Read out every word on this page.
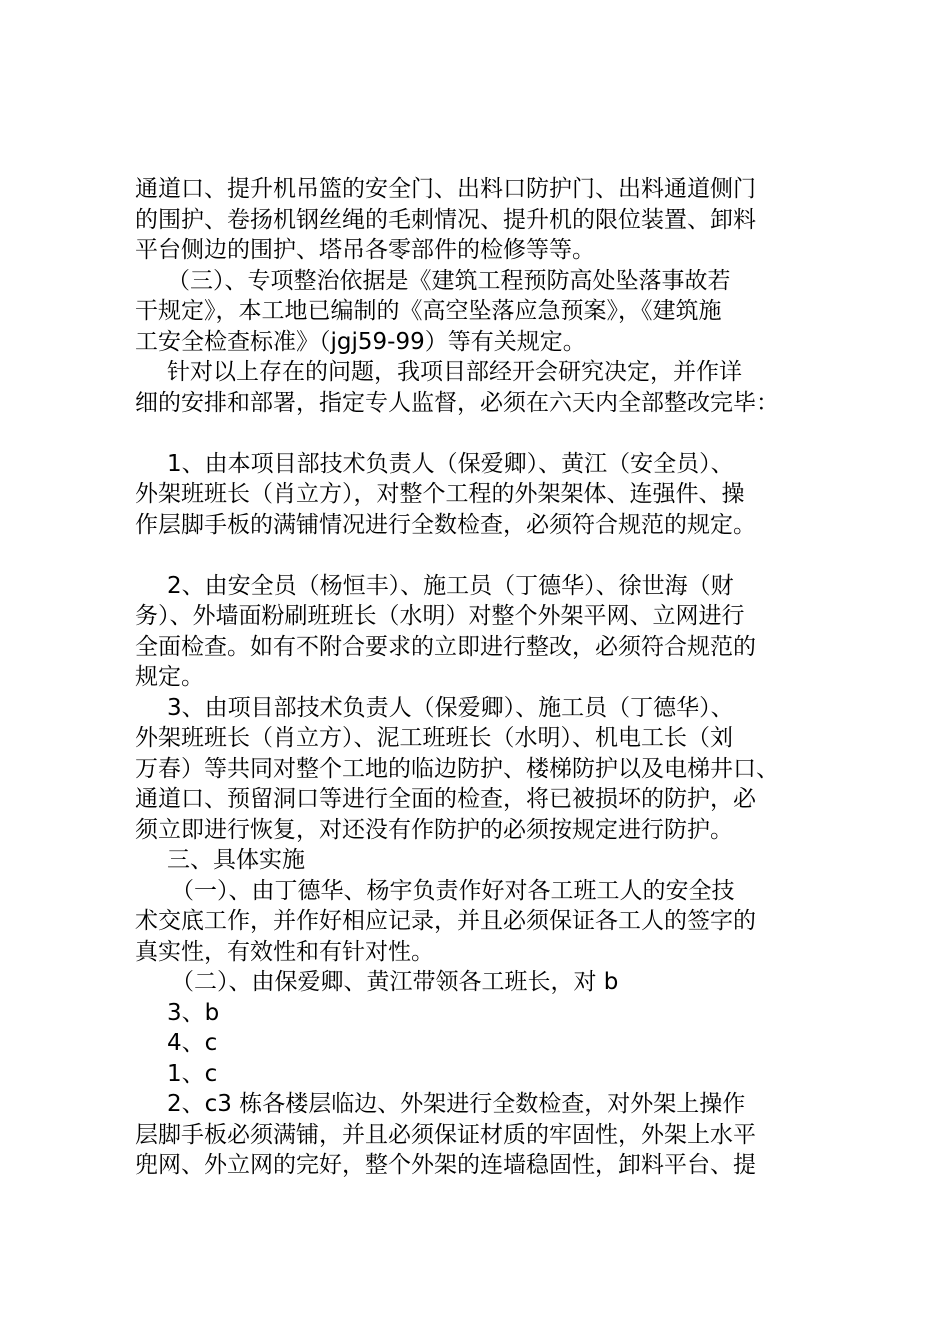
通道口、提升机吊篮的安全门、出料口防护门、出料通道侧门
的围护、卷扬机钢丝绳的毛刺情况、提升机的限位装置、卸料
平台侧边的围护、塔吊各零部件的检修等等。
（三）、专项整治依据是《建筑工程预防高处坠落事故若
干规定》，本工地已编制的《高空坠落应急预案》，《建筑施
工安全检查标准》（jgj59-99）等有关规定。
针对以上存在的问题，我项目部经开会研究决定，并作详
细的安排和部署，指定专人监督，必须在六天内全部整改完毕：
1、由本项目部技术负责人（保爱卿）、黄江（安全员）、
外架班班长（肖立方），对整个工程的外架架体、连强件、操
作层脚手板的满铺情况进行全数检查，必须符合规范的规定。
2、由安全员（杨恒丰）、施工员（丁德华）、徐世海（财
务）、外墙面粉刷班班长（水明）对整个外架平网、立网进行
全面检查。如有不附合要求的立即进行整改，必须符合规范的
规定。
3、由项目部技术负责人（保爱卿）、施工员（丁德华）、
外架班班长（肖立方）、泥工班班长（水明）、机电工长（刘
万春）等共同对整个工地的临边防护、楼梯防护以及电梯井口、
通道口、预留洞口等进行全面的检查，将已被损坏的防护，必
须立即进行恢复，对还没有作防护的必须按规定进行防护。
三、具体实施
（一）、由丁德华、杨宇负责作好对各工班工人的安全技
术交底工作，并作好相应记录，并且必须保证各工人的签字的
真实性，有效性和有针对性。
（二）、由保爱卿、黄江带领各工班长，对 b
3、b
4、c
1、c
2、c3 栋各楼层临边、外架进行全数检查，对外架上操作
层脚手板必须满铺，并且必须保证材质的牢固性，外架上水平
兜网、外立网的完好，整个外架的连墙稳固性，卸料平台、提
